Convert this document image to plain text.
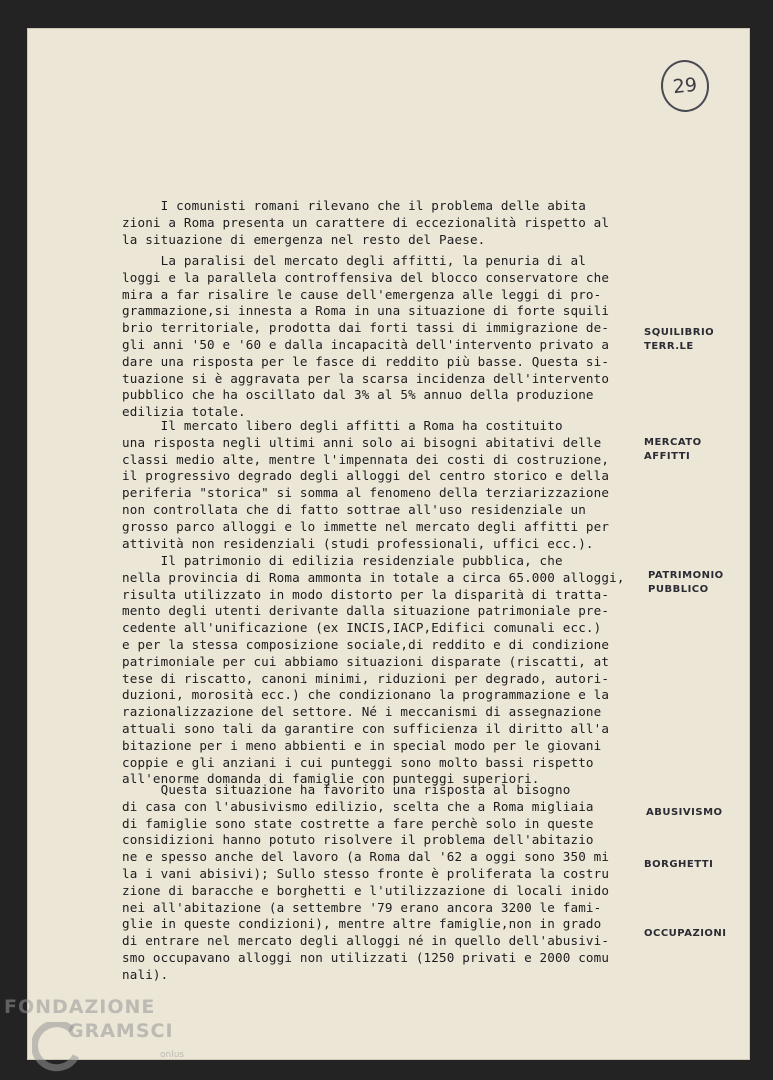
29
I comunisti romani rilevano che il problema delle abita
zioni a Roma presenta un carattere di eccezionalità rispetto al
la situazione di emergenza nel resto del Paese.
La paralisi del mercato degli affitti, la penuria di al
loggi e la parallela controffensiva del blocco conservatore che
mira a far risalire le cause dell'emergenza alle leggi di pro-
grammazione,si innesta a Roma in una situazione di forte squili
brio territoriale, prodotta dai forti tassi di immigrazione de-
gli anni '50 e '60 e dalla incapacità dell'intervento privato a
dare una risposta per le fasce di reddito più basse. Questa si-
tuazione si è aggravata per la scarsa incidenza dell'intervento
pubblico che ha oscillato dal 3% al 5% annuo della produzione
edilizia totale.
Il mercato libero degli affitti a Roma ha costituito
una risposta negli ultimi anni solo ai bisogni abitativi delle
classi medio alte, mentre l'impennata dei costi di costruzione,
il progressivo degrado degli alloggi del centro storico e della
periferia "storica" si somma al fenomeno della terziarizzazione
non controllata che di fatto sottrae all'uso residenziale un
grosso parco alloggi e lo immette nel mercato degli affitti per
attività non residenziali (studi professionali, uffici ecc.).
Il patrimonio di edilizia residenziale pubblica, che
nella provincia di Roma ammonta in totale a circa 65.000 alloggi,
risulta utilizzato in modo distorto per la disparità di tratta-
mento degli utenti derivante dalla situazione patrimoniale pre-
cedente all'unificazione (ex INCIS,IACP,Edifici comunali ecc.)
e per la stessa composizione sociale,di reddito e di condizione
patrimoniale per cui abbiamo situazioni disparate (riscatti, at
tese di riscatto, canoni minimi, riduzioni per degrado, autori-
duzioni, morosità ecc.) che condizionano la programmazione e la
razionalizzazione del settore. Né i meccanismi di assegnazione
attuali sono tali da garantire con sufficienza il diritto all'a
bitazione per i meno abbienti e in special modo per le giovani
coppie e gli anziani i cui punteggi sono molto bassi rispetto
all'enorme domanda di famiglie con punteggi superiori.
Questa situazione ha favorito una risposta al bisogno
di casa con l'abusivismo edilizio, scelta che a Roma migliaia
di famiglie sono state costrette a fare perchè solo in queste
considizioni hanno potuto risolvere il problema dell'abitazio
ne e spesso anche del lavoro (a Roma dal '62 a oggi sono 350 mi
la i vani abisivi); Sullo stesso fronte è proliferata la costru
zione di baracche e borghetti e l'utilizzazione di locali inido
nei all'abitazione (a settembre '79 erano ancora 3200 le fami-
glie in queste condizioni), mentre altre famiglie,non in grado
di entrare nel mercato degli alloggi né in quello dell'abusivi-
smo occupavano alloggi non utilizzati (1250 privati e 2000 comu
nali).
SQUILIBRIO
TERR.LE
MERCATO
AFFITTI
PATRIMONIO
PUBBLICO
ABUSIVISMO
BORGHETTI
OCCUPAZIONI
FONDAZIONE
GRAMSCI
onlus
